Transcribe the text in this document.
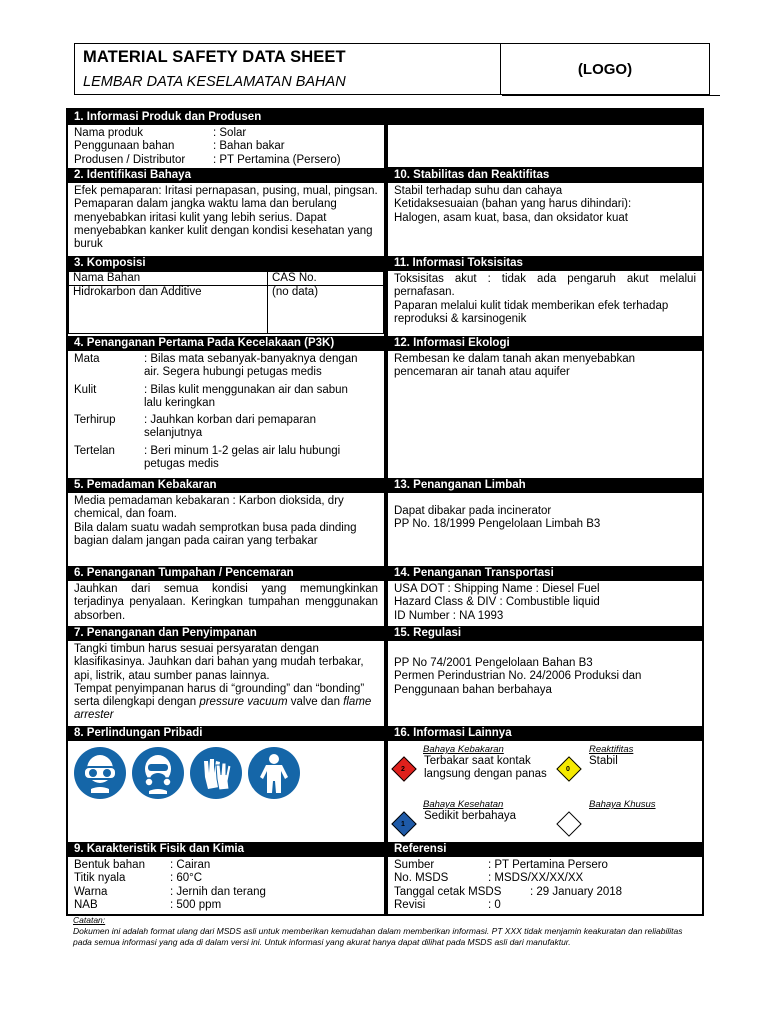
MATERIAL SAFETY DATA SHEET
LEMBAR DATA KESELAMATAN BAHAN
(LOGO)
1. Informasi Produk dan Produsen
Nama produk	: Solar
Penggunaan bahan	: Bahan bakar
Produsen / Distributor	: PT Pertamina (Persero)
2. Identifikasi Bahaya
Efek pemaparan: Iritasi pernapasan, pusing, mual, pingsan. Pemaparan dalam jangka waktu lama dan berulang menyebabkan iritasi kulit yang lebih serius. Dapat menyebabkan kanker kulit dengan kondisi kesehatan yang buruk
3. Komposisi
Nama Bahan	CAS No.
Hidrokarbon dan Additive	(no data)
4. Penanganan Pertama Pada Kecelakaan (P3K)
Mata	: Bilas mata sebanyak-banyaknya dengan air. Segera hubungi petugas medis
Kulit	: Bilas kulit menggunakan air dan sabun lalu keringkan
Terhirup	: Jauhkan korban dari pemaparan selanjutnya
Tertelan	: Beri minum 1-2 gelas air lalu hubungi petugas medis
5. Pemadaman Kebakaran
Media pemadaman kebakaran : Karbon dioksida, dry chemical, dan foam.
Bila dalam suatu wadah semprotkan busa pada dinding bagian dalam jangan pada cairan yang terbakar
6. Penanganan Tumpahan / Pencemaran
Jauhkan dari semua kondisi yang memungkinkan terjadinya penyalaan. Keringkan tumpahan menggunakan absorben.
7. Penanganan dan Penyimpanan
Tangki timbun harus sesuai persyaratan dengan klasifikasinya. Jauhkan dari bahan yang mudah terbakar, api, listrik, atau sumber panas lainnya.
Tempat penyimpanan harus di “grounding” dan “bonding” serta dilengkapi dengan pressure vacuum valve dan flame arrester
8. Perlindungan Pribadi
9. Karakteristik Fisik dan Kimia
Bentuk bahan	: Cairan
Titik nyala	: 60°C
Warna	: Jernih dan terang
NAB	: 500 ppm
10. Stabilitas dan Reaktifitas
Stabil terhadap suhu dan cahaya
Ketidaksesuaian (bahan yang harus dihindari):
Halogen, asam kuat, basa, dan oksidator kuat
11. Informasi Toksisitas
Toksisitas akut : tidak ada pengaruh akut melalui pernafasan.
Paparan melalui kulit tidak memberikan efek terhadap reproduksi & karsinogenik
12. Informasi Ekologi
Rembesan ke dalam tanah akan menyebabkan pencemaran air tanah atau aquifer
13. Penanganan Limbah
Dapat dibakar pada incinerator
PP No. 18/1999 Pengelolaan Limbah B3
14. Penanganan Transportasi
USA DOT : Shipping Name : Diesel Fuel
Hazard Class & DIV : Combustible liquid
ID Number : NA 1993
15. Regulasi
PP No 74/2001 Pengelolaan Bahan B3
Permen Perindustrian No. 24/2006 Produksi dan Penggunaan bahan berbahaya
16. Informasi Lainnya
Bahaya Kebakaran
2
Terbakar saat kontak langsung dengan panas
Reaktifitas
0
Stabil
Bahaya Kesehatan
1
Sedikit berbahaya
Bahaya Khusus
Referensi
Sumber	: PT Pertamina Persero
No. MSDS	: MSDS/XX/XX/XX
Tanggal cetak MSDS	: 29 January 2018
Revisi	: 0
Catatan:
Dokumen ini adalah format ulang dari MSDS asli untuk memberikan kemudahan dalam memberikan informasi. PT XXX tidak menjamin keakuratan dan reliabilitas pada semua informasi yang ada di dalam versi ini. Untuk informasi yang akurat hanya dapat dilihat pada MSDS asli dari manufaktur.
